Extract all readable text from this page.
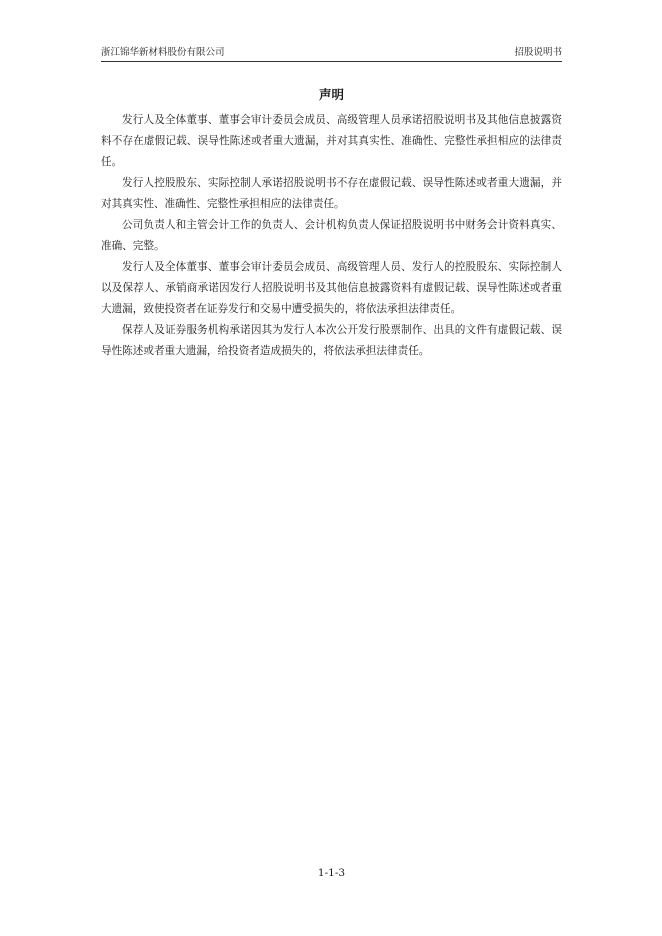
浙江锦华新材料股份有限公司	招股说明书
声明

发行人及全体董事、董事会审计委员会成员、高级管理人员承诺招股说明书及其他信息披露资料不存在虚假记载、误导性陈述或者重大遗漏，并对其真实性、准确性、完整性承担相应的法律责任。

发行人控股股东、实际控制人承诺招股说明书不存在虚假记载、误导性陈述或者重大遗漏，并对其真实性、准确性、完整性承担相应的法律责任。

公司负责人和主管会计工作的负责人、会计机构负责人保证招股说明书中财务会计资料真实、准确、完整。

发行人及全体董事、董事会审计委员会成员、高级管理人员、发行人的控股股东、实际控制人以及保荐人、承销商承诺因发行人招股说明书及其他信息披露资料有虚假记载、误导性陈述或者重大遗漏，致使投资者在证券发行和交易中遭受损失的，将依法承担法律责任。

保荐人及证券服务机构承诺因其为发行人本次公开发行股票制作、出具的文件有虚假记载、误导性陈述或者重大遗漏，给投资者造成损失的，将依法承担法律责任。

1-1-3
